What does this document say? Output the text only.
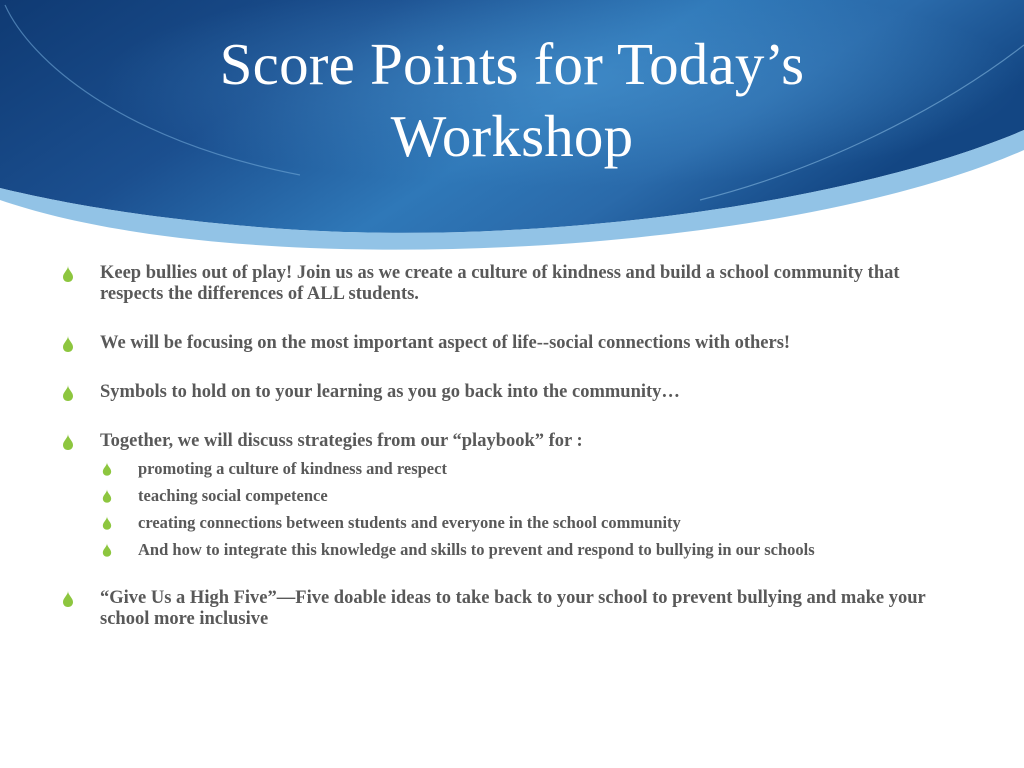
Score Points for Today’s
Workshop
Keep bullies out of play! Join us as we create a culture of kindness and build a school community that respects the differences of ALL students.
We will be focusing on the most important aspect of life--social connections with others!
Symbols to hold on to your learning as you go back into the community…
Together, we will discuss strategies from our “playbook” for :
promoting a culture of kindness and respect
teaching social competence
creating connections between students and everyone in the school community
And how to integrate this knowledge and skills to prevent and respond to bullying in our schools
“Give Us a High Five”—Five doable ideas to take back to your school to prevent bullying and make your school more inclusive
